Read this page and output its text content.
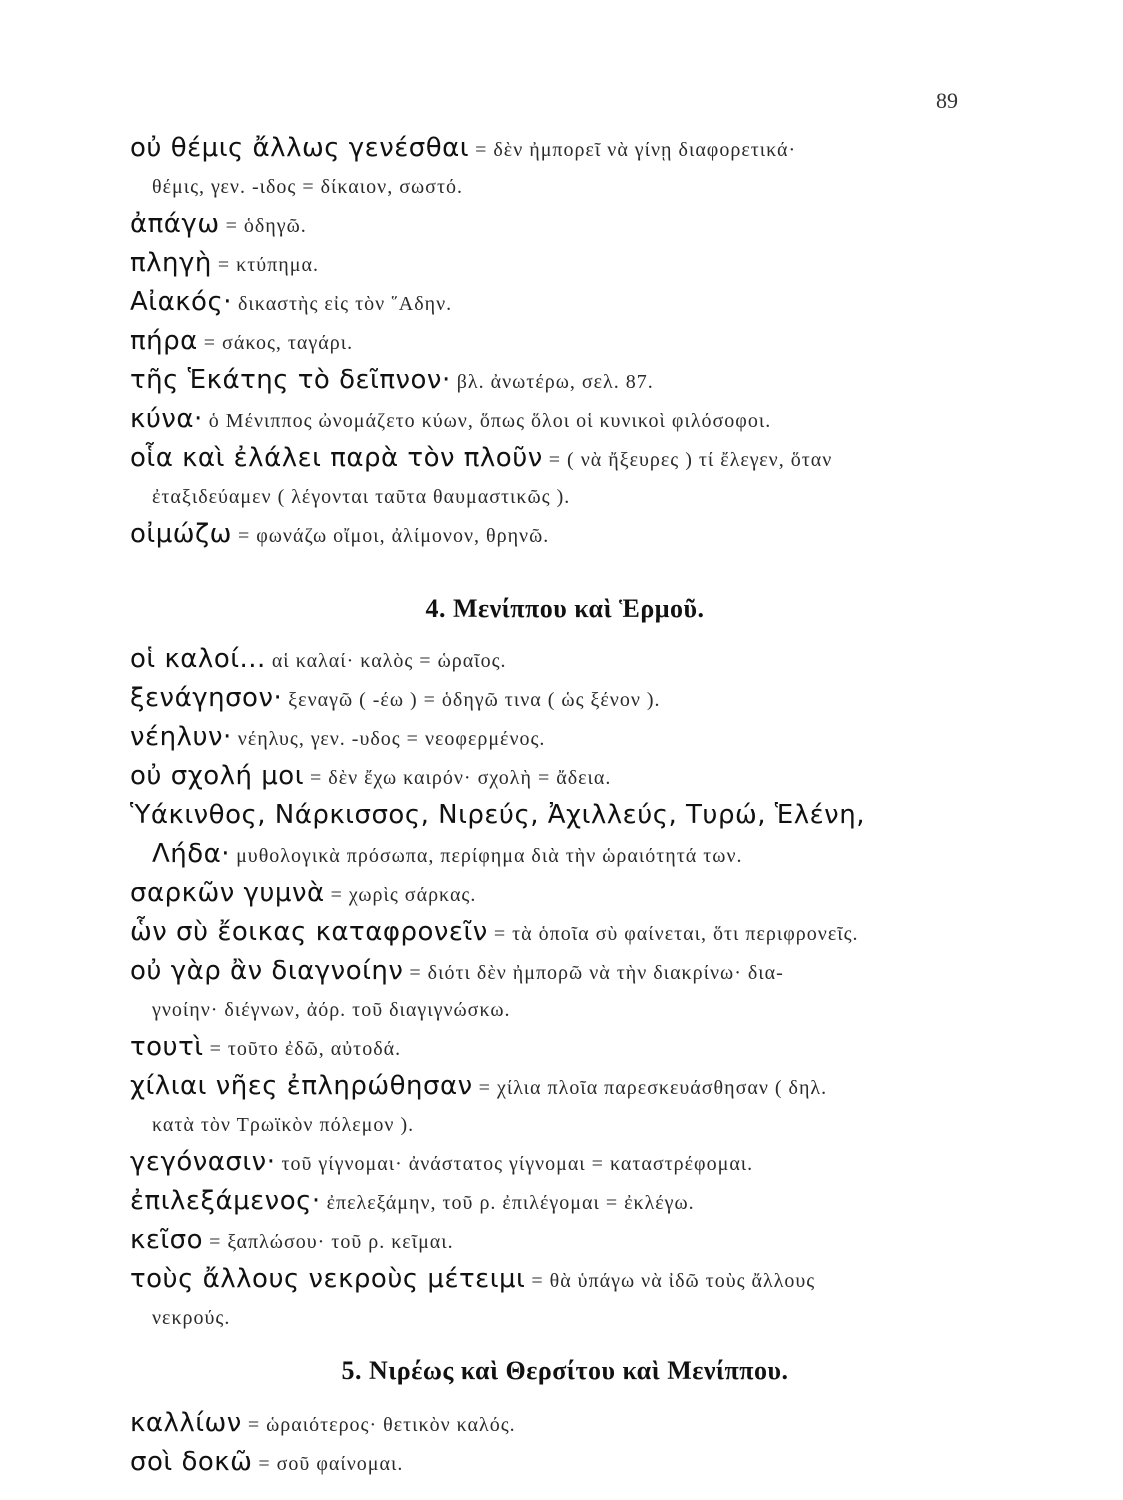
89

οὐ θέμις ἄλλως γενέσθαι = δὲν ἠμπορεῖ νὰ γίνῃ διαφορετικά·

θέμις, γεν. -ιδος = δίκαιον, σωστό.

ἀπάγω = ὁδηγῶ.

πληγὴ = κτύπημα.

Αἰακός· δικαστὴς εἰς τὸν ῞Αδην.

πήρα = σάκος, ταγάρι.

τῆς Ἑκάτης τὸ δεῖπνον· βλ. ἀνωτέρω, σελ. 87.

κύνα· ὁ Μένιππος ὠνομάζετο κύων, ὅπως ὅλοι οἱ κυνικοὶ φιλόσοφοι.

οἷα καὶ ἐλάλει παρὰ τὸν πλοῦν = ( νὰ ἤξευρες ) τί ἔλεγεν, ὅταν

ἐταξιδεύαμεν ( λέγονται ταῦτα θαυμαστικῶς ).

οἰμώζω = φωνάζω οἴμοι, ἀλίμονον, θρηνῶ.

4. Μενίππου καὶ Ἑρμοῦ.

οἱ καλοί... αἱ καλαί· καλὸς = ὡραῖος.

ξενάγησον· ξεναγῶ ( -έω ) = ὁδηγῶ τινα ( ὡς ξένον ).

νέηλυν· νέηλυς, γεν. -υδος = νεοφερμένος.

οὐ σχολή μοι = δὲν ἔχω καιρόν· σχολὴ = ἄδεια.

Ὑάκινθος, Νάρκισσος, Νιρεύς, Ἀχιλλεύς, Τυρώ, Ἑλένη,

Λήδα· μυθολογικὰ πρόσωπα, περίφημα διὰ τὴν ὡραιότητά των.

σαρκῶν γυμνὰ = χωρὶς σάρκας.

ὧν σὺ ἔοικας καταφρονεῖν = τὰ ὁποῖα σὺ φαίνεται, ὅτι περιφρονεῖς.

οὐ γὰρ ἂν διαγνοίην = διότι δὲν ἠμπορῶ νὰ τὴν διακρίνω· δια-

γνοίην· διέγνων, ἀόρ. τοῦ διαγιγνώσκω.

τουτὶ = τοῦτο ἐδῶ, αὐτοδά.

χίλιαι νῆες ἐπληρώθησαν = χίλια πλοῖα παρεσκευάσθησαν ( δηλ.

κατὰ τὸν Τρωϊκὸν πόλεμον ).

γεγόνασιν· τοῦ γίγνομαι· ἀνάστατος γίγνομαι = καταστρέφομαι.

ἐπιλεξάμενος· ἐπελεξάμην, τοῦ ρ. ἐπιλέγομαι = ἐκλέγω.

κεῖσο = ξαπλώσου· τοῦ ρ. κεῖμαι.

τοὺς ἄλλους νεκροὺς μέτειμι = θὰ ὑπάγω νὰ ἰδῶ τοὺς ἄλλους

νεκρούς.
5. Νιρέως καὶ Θερσίτου καὶ Μενίππου.

καλλίων = ὡραιότερος· θετικὸν καλός.

σοὶ δοκῶ = σοῦ φαίνομαι.
